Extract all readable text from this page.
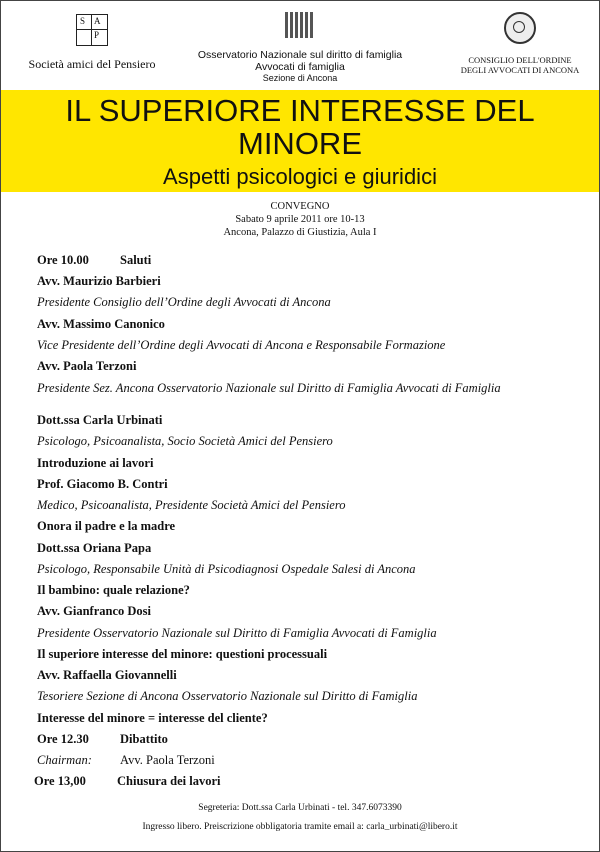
S A
P
Società amici del Pensiero
Osservatorio Nazionale sul diritto di famiglia
Avvocati di famiglia
Sezione di Ancona
CONSIGLIO DELL'ORDINE
DEGLI AVVOCATI DI ANCONA
IL SUPERIORE INTERESSE DEL
MINORE
Aspetti psicologici e giuridici
CONVEGNO
Sabato 9 aprile 2011 ore 10-13
Ancona, Palazzo di Giustizia, Aula I
Ore 10.00 Saluti
Avv. Maurizio Barbieri
Presidente Consiglio dell’Ordine degli Avvocati di Ancona
Avv. Massimo Canonico
Vice Presidente dell’Ordine degli Avvocati di Ancona e Responsabile Formazione
Avv. Paola Terzoni
Presidente Sez. Ancona Osservatorio Nazionale sul Diritto di Famiglia Avvocati di Famiglia
Dott.ssa Carla Urbinati
Psicologo, Psicoanalista, Socio Società Amici del Pensiero
Introduzione ai lavori
Prof. Giacomo B. Contri
Medico, Psicoanalista, Presidente Società Amici del Pensiero
Onora il padre e la madre
Dott.ssa Oriana Papa
Psicologo, Responsabile Unità di Psicodiagnosi Ospedale Salesi di Ancona
Il bambino: quale relazione?
Avv. Gianfranco Dosi
Presidente Osservatorio Nazionale sul Diritto di Famiglia Avvocati di Famiglia
Il superiore interesse del minore: questioni processuali
Avv. Raffaella Giovannelli
Tesoriere Sezione di Ancona Osservatorio Nazionale sul Diritto di Famiglia
Interesse del minore = interesse del cliente?
Ore 12.30 Dibattito
Chairman: Avv. Paola Terzoni
Ore 13,00 Chiusura dei lavori
Segreteria: Dott.ssa Carla Urbinati - tel. 347.6073390
Ingresso libero. Preiscrizione obbligatoria tramite email a: carla_urbinati@libero.it
